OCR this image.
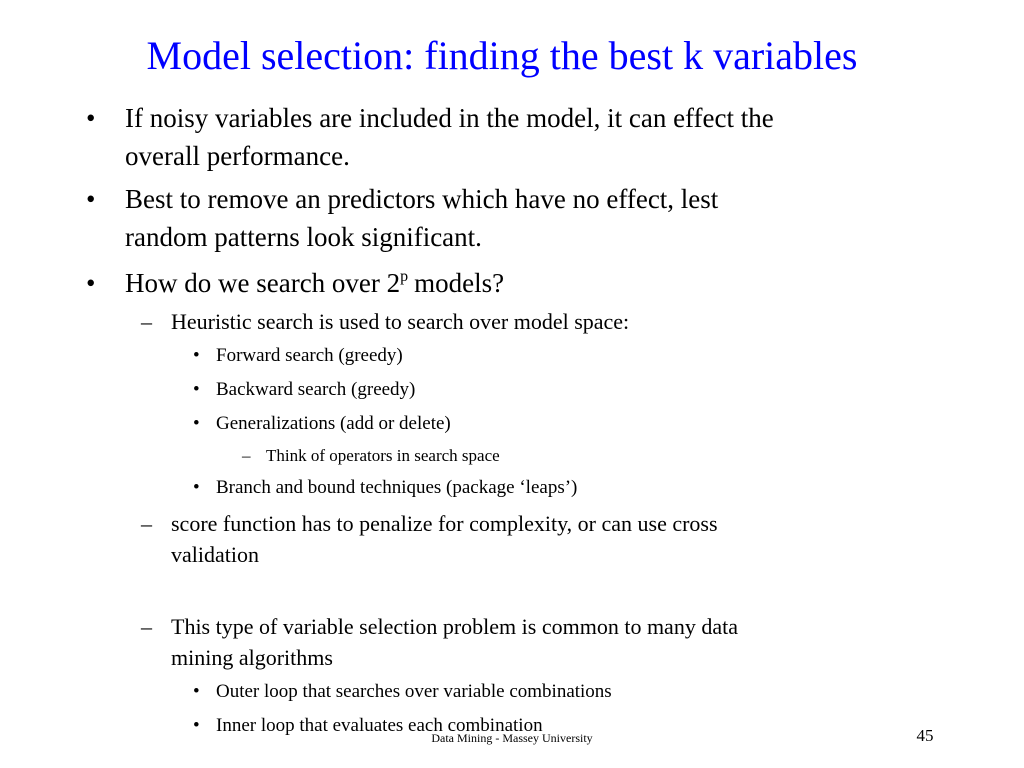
Model selection: finding the best k variables
• If noisy variables are included in the model, it can effect the
overall performance.
• Best to remove an predictors which have no effect, lest
random patterns look significant.
• How do we search over 2$^p$ models?
– Heuristic search is used to search over model space:
• Forward search (greedy)
• Backward search (greedy)
• Generalizations (add or delete)
– Think of operators in search space
• Branch and bound techniques (package ‘leaps’)
– score function has to penalize for complexity, or can use cross
validation
– This type of variable selection problem is common to many data
mining algorithms
• Outer loop that searches over variable combinations
• Inner loop that evaluates each combination
Data Mining - Massey University	45
